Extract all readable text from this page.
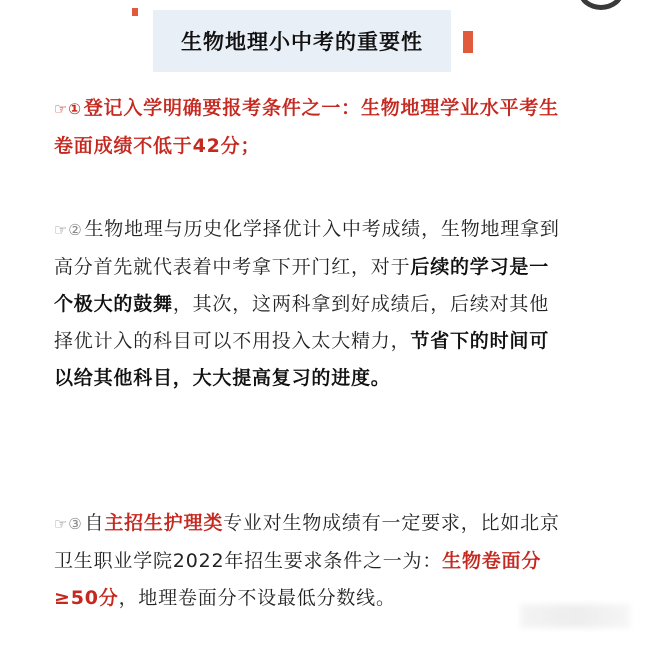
生物地理小中考的重要性

☞① 登记入学明确要报考条件之一：生物地理学业水平考生卷面成绩不低于42分；

☞② 生物地理与历史化学择优计入中考成绩，生物地理拿到高分首先就代表着中考拿下开门红，对于后续的学习是一个极大的鼓舞，其次，这两科拿到好成绩后，后续对其他择优计入的科目可以不用投入太大精力，节省下的时间可以给其他科目，大大提高复习的进度。

☞③ 自主招生护理类专业对生物成绩有一定要求，比如北京卫生职业学院2022年招生要求条件之一为：生物卷面分≥50分，地理卷面分不设最低分数线。
